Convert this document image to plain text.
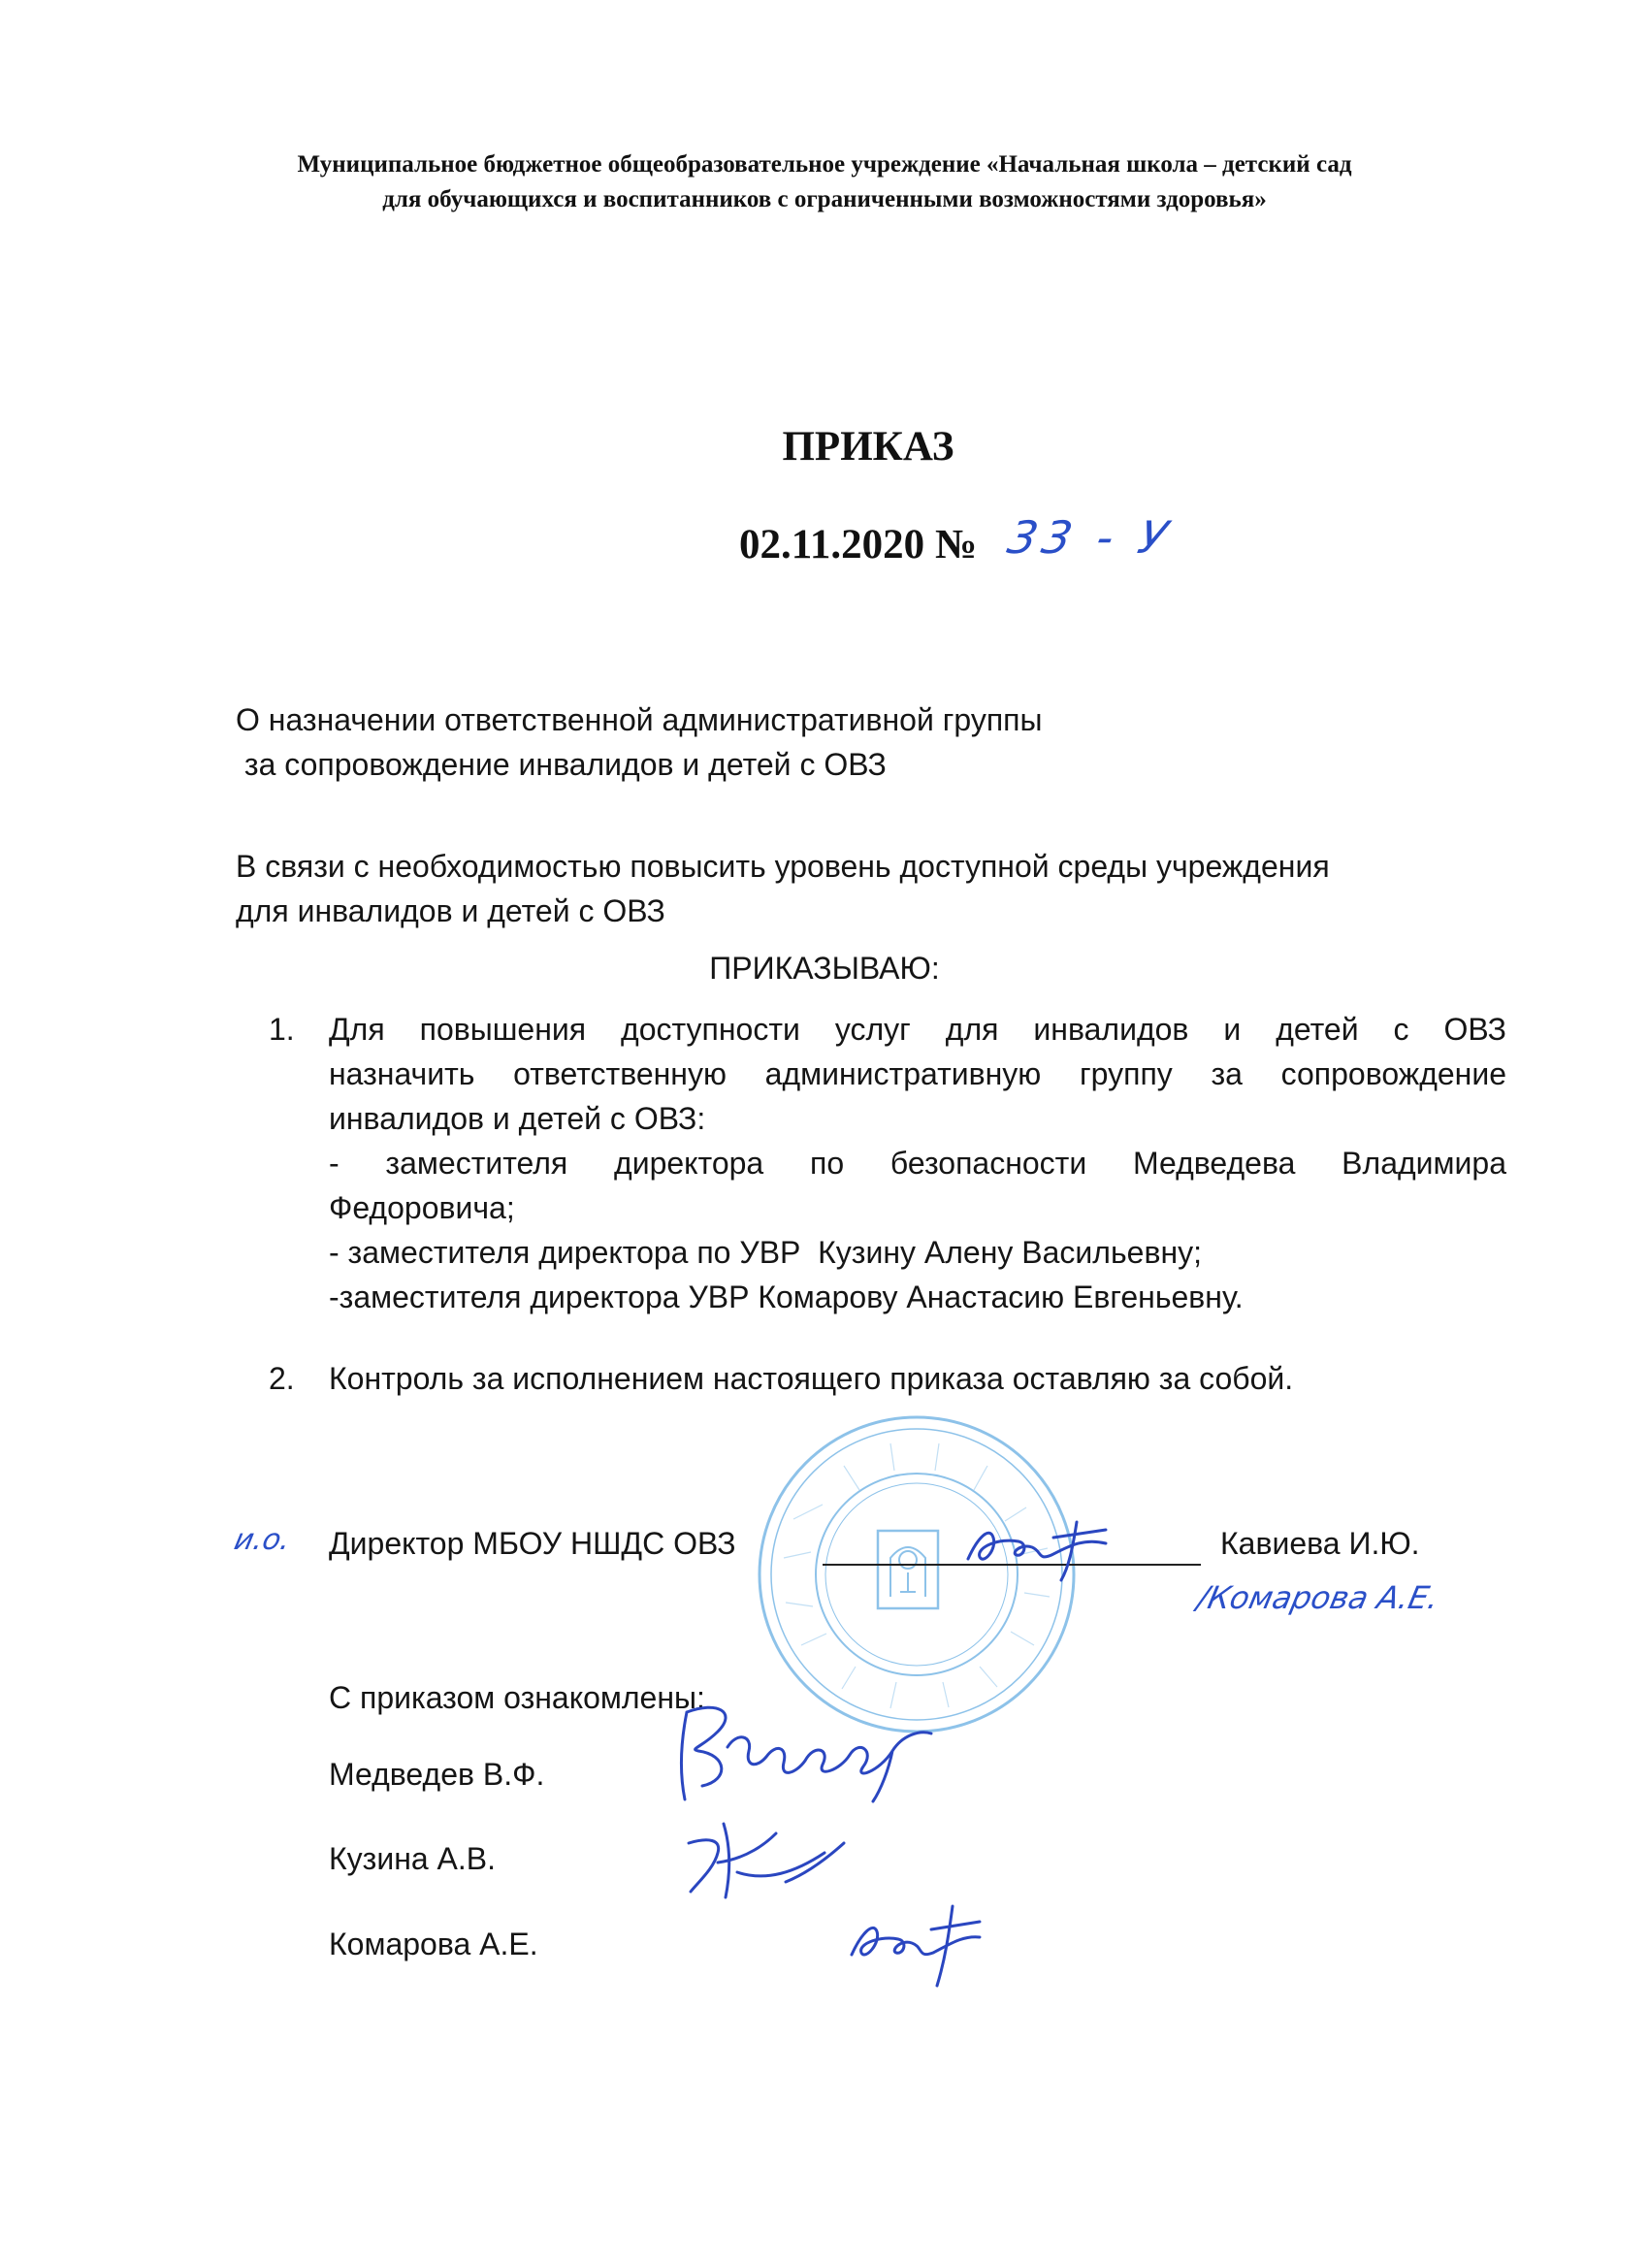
Муниципальное бюджетное общеобразовательное учреждение «Начальная школа – детский сад
для обучающихся и воспитанников с ограниченными возможностями здоровья»
ПРИКАЗ
02.11.2020 № 33 - У
О назначении ответственной административной группы
за сопровождение инвалидов и детей с ОВЗ
В связи с необходимостью повысить уровень доступной среды учреждения
для инвалидов и детей с ОВЗ
ПРИКАЗЫВАЮ:
1. Для повышения доступности услуг для инвалидов и детей с ОВЗ
назначить ответственную административную группу за сопровождение
инвалидов и детей с ОВЗ:
- заместителя директора по безопасности Медведева Владимира
Федоровича;
- заместителя директора по УВР  Кузину Алену Васильевну;
-заместителя директора УВР Комарову Анастасию Евгеньевну.
2. Контроль за исполнением настоящего приказа оставляю за собой.
и.о. Директор МБОУ НШДС ОВЗ	Кавиева И.Ю.
/Комарова А.Е.
С приказом ознакомлены:
Медведев В.Ф.
Кузина А.В.
Комарова А.Е.
